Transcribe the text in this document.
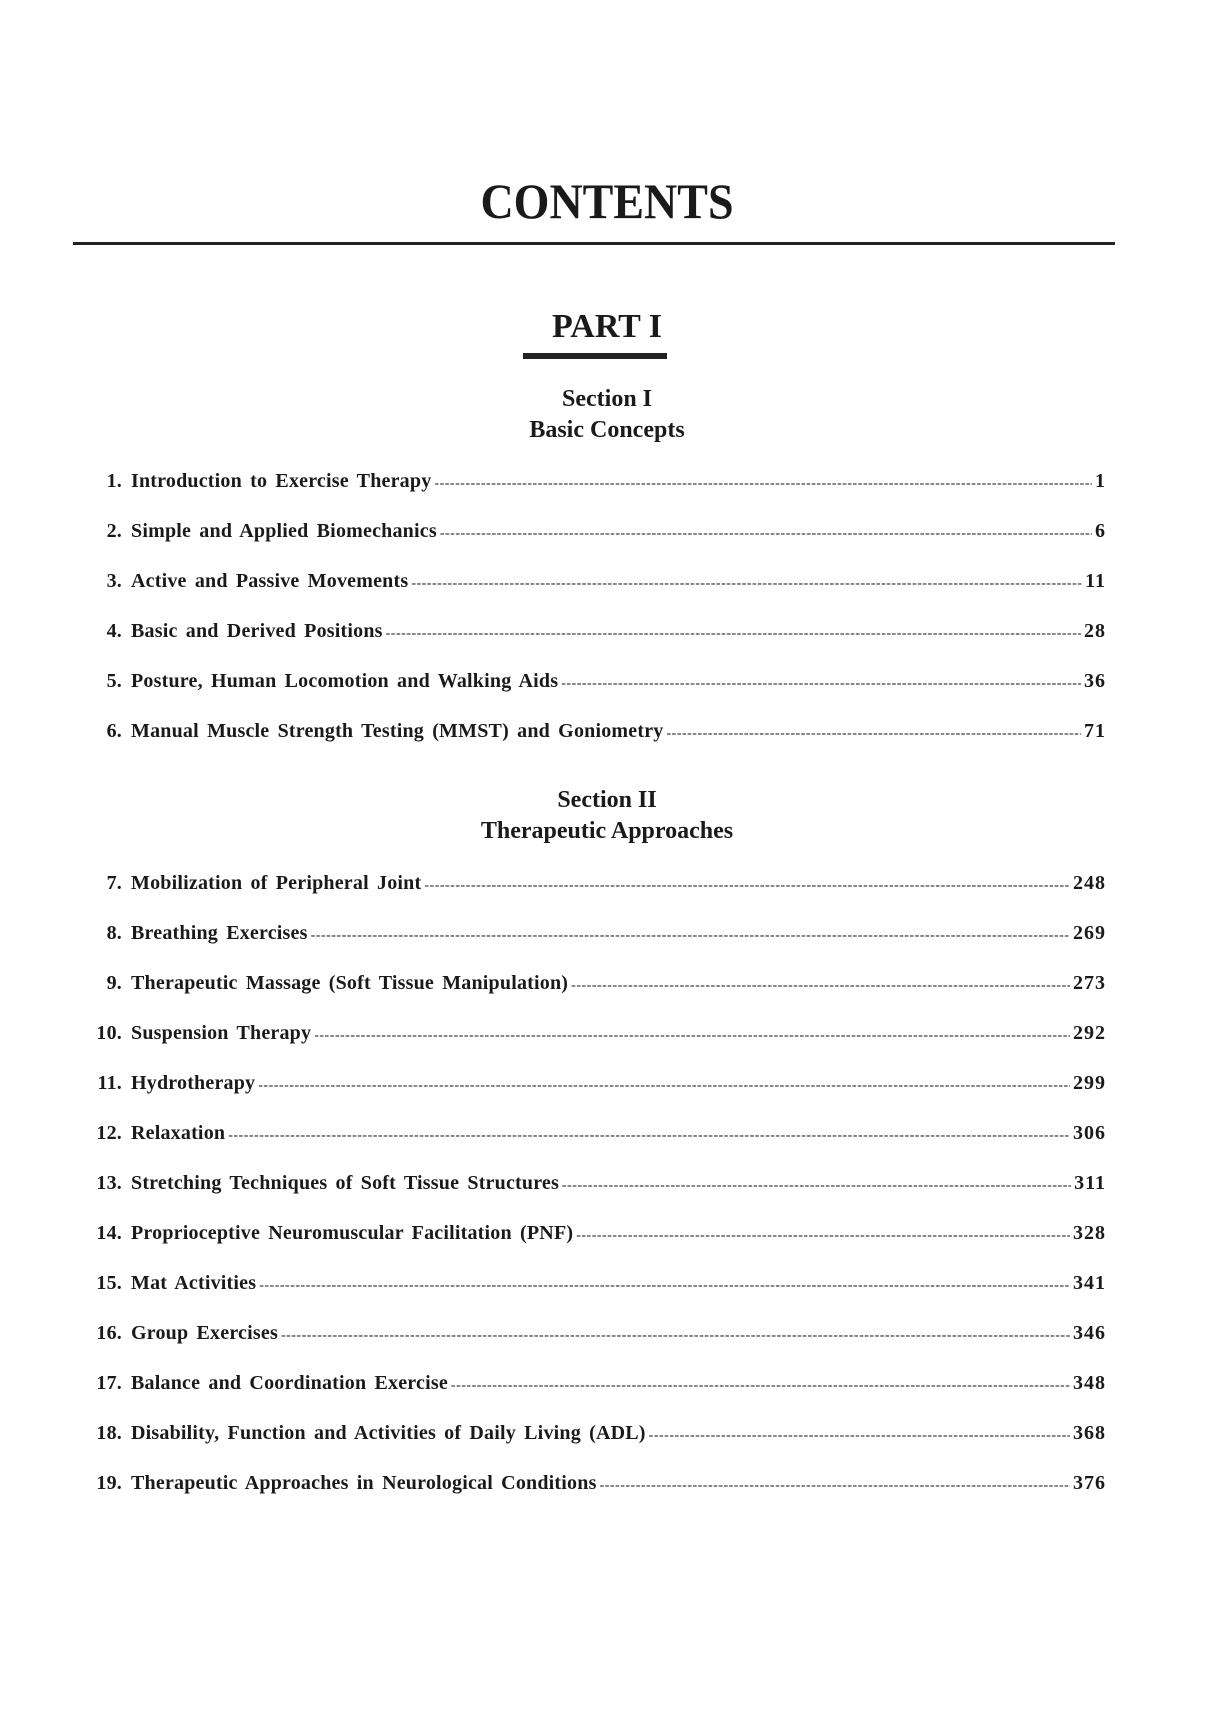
CONTENTS
PART I
Section I
Basic Concepts
1. Introduction to Exercise Therapy -----	1
2. Simple and Applied Biomechanics -----	6
3. Active and Passive Movements -----	11
4. Basic and Derived Positions -----	28
5. Posture, Human Locomotion and Walking Aids -----	36
6. Manual Muscle Strength Testing (MMST) and Goniometry -----	71
Section II
Therapeutic Approaches
7. Mobilization of Peripheral Joint -----	248
8. Breathing Exercises -----	269
9. Therapeutic Massage (Soft Tissue Manipulation) -----	273
10. Suspension Therapy -----	292
11. Hydrotherapy -----	299
12. Relaxation -----	306
13. Stretching Techniques of Soft Tissue Structures -----	311
14. Proprioceptive Neuromuscular Facilitation (PNF) -----	328
15. Mat Activities -----	341
16. Group Exercises -----	346
17. Balance and Coordination Exercise -----	348
18. Disability, Function and Activities of Daily Living (ADL) -----	368
19. Therapeutic Approaches in Neurological Conditions -----	376
